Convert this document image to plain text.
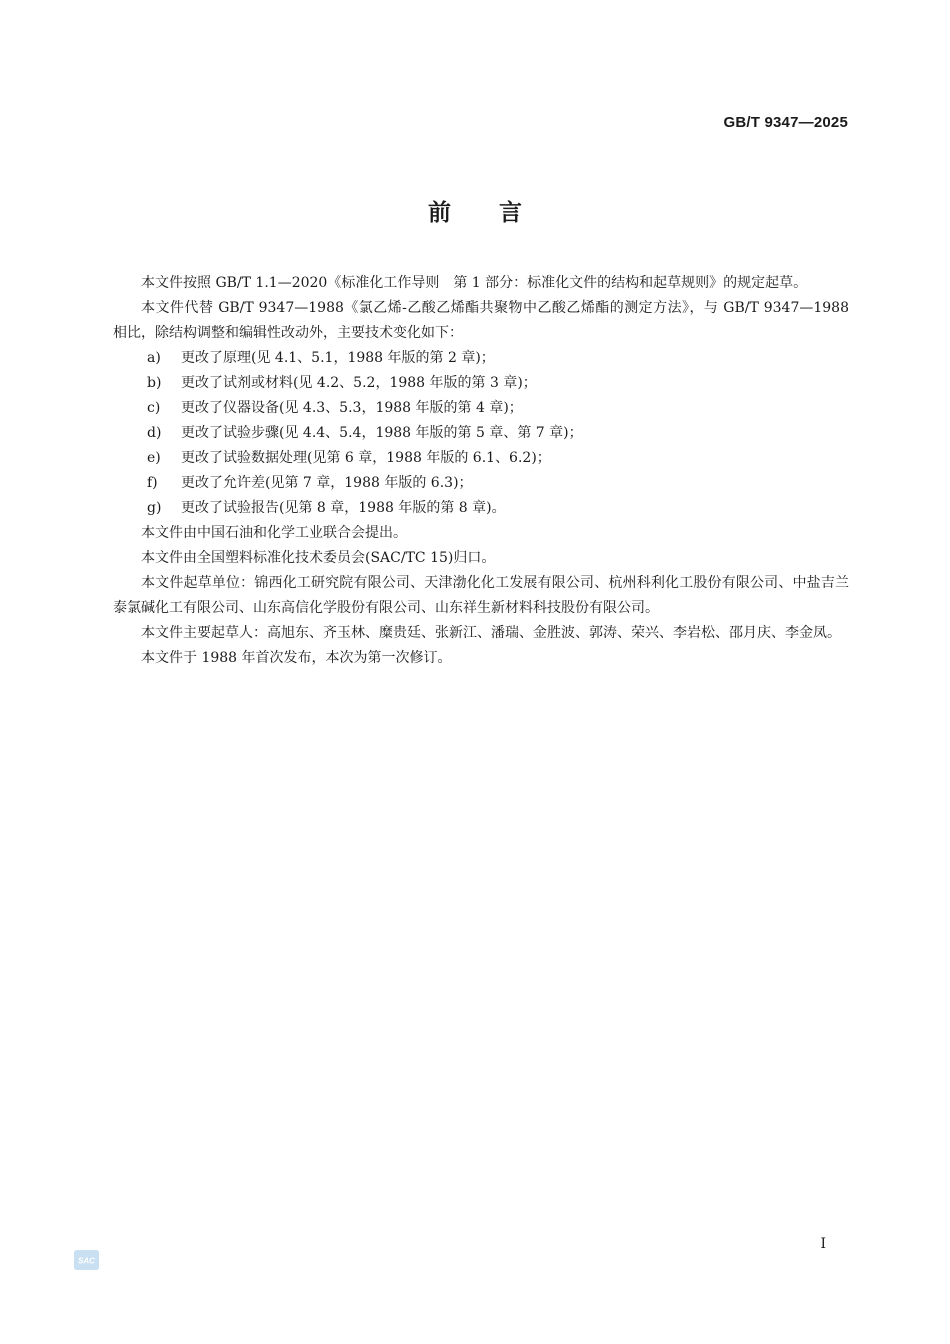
GB/T 9347—2025
前言

本文件按照 GB/T 1.1—2020《标准化工作导则　第 1 部分：标准化文件的结构和起草规则》的规定起草。

本文件代替 GB/T 9347—1988《氯乙烯-乙酸乙烯酯共聚物中乙酸乙烯酯的测定方法》，与 GB/T 9347—1988 相比，除结构调整和编辑性改动外，主要技术变化如下：

a) 更改了原理(见 4.1、5.1，1988 年版的第 2 章)；

b) 更改了试剂或材料(见 4.2、5.2，1988 年版的第 3 章)；

c) 更改了仪器设备(见 4.3、5.3，1988 年版的第 4 章)；

d) 更改了试验步骤(见 4.4、5.4，1988 年版的第 5 章、第 7 章)；

e) 更改了试验数据处理(见第 6 章，1988 年版的 6.1、6.2)；

f) 更改了允许差(见第 7 章，1988 年版的 6.3)；

g) 更改了试验报告(见第 8 章，1988 年版的第 8 章)。

本文件由中国石油和化学工业联合会提出。

本文件由全国塑料标准化技术委员会(SAC/TC 15)归口。

本文件起草单位：锦西化工研究院有限公司、天津渤化化工发展有限公司、杭州科利化工股份有限公司、中盐吉兰泰氯碱化工有限公司、山东高信化学股份有限公司、山东祥生新材料科技股份有限公司。

本文件主要起草人：高旭东、齐玉林、糜贵廷、张新江、潘瑞、金胜波、郭涛、荣兴、李岩松、邵月庆、李金凤。

本文件于 1988 年首次发布，本次为第一次修订。

I
SAC
